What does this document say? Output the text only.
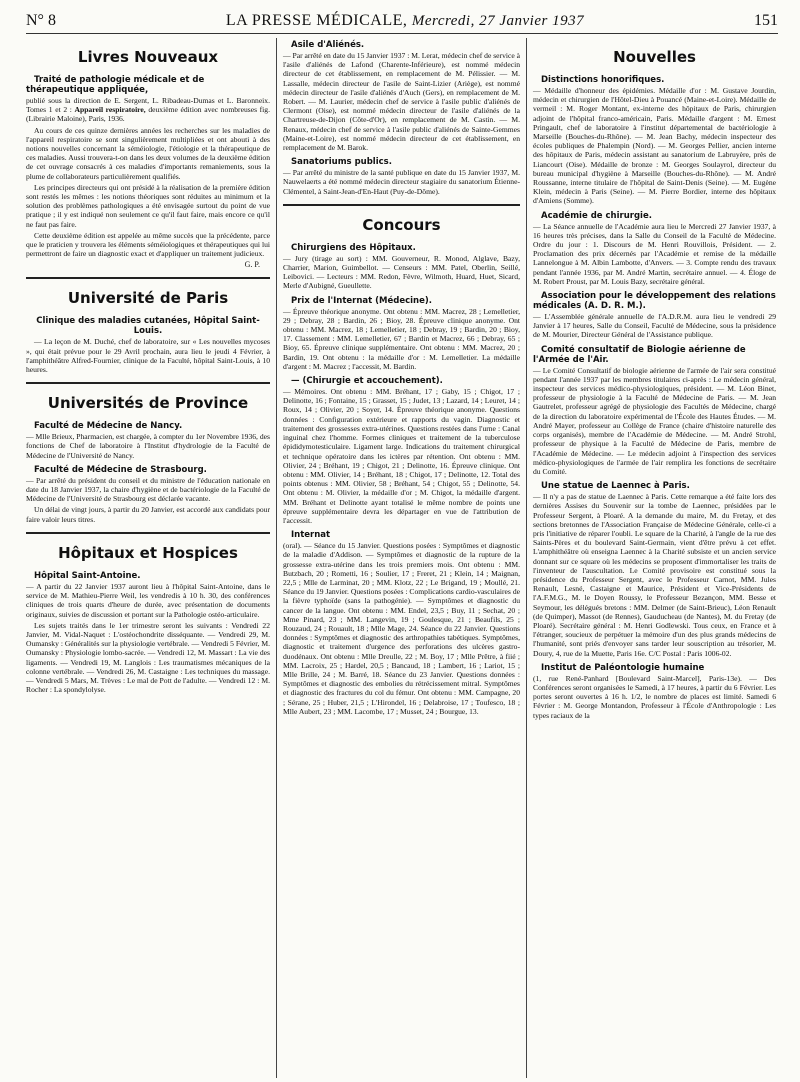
N° 8	LA PRESSE MÉDICALE, Mercredi, 27 Janvier 1937	151
Livres Nouveaux
Traité de pathologie médicale et de thérapeutique appliquée,

publié sous la direction de E. Sergent, L. Ribadeau-Dumas et L. Baronneix. Tomes 1 et 2 : Appareil respiratoire, deuxième édition avec nombreuses fig. (Librairie Maloine), Paris, 1936.

Au cours de ces quinze dernières années les recherches sur les maladies de l'appareil respiratoire se sont singulièrement multipliées et ont abouti à des notions nouvelles concernant la séméiologie, l'étiologie et la thérapeutique de ces maladies. Aussi trouvera-t-on dans les deux volumes de la deuxième édition de cet ouvrage consacrés à ces maladies d'importants remaniements, sous la plume de collaborateurs particulièrement qualifiés.

Les principes directeurs qui ont présidé à la réalisation de la première édition sont restés les mêmes : les notions théoriques sont réduites au minimum et la solution des problèmes pathologiques a été envisagée surtout du point de vue pratique ; il y est indiqué non seulement ce qu'il faut faire, mais encore ce qu'il ne faut pas faire.

Cette deuxième édition est appelée au même succès que la précédente, parce que le praticien y trouvera les éléments séméiologiques et thérapeutiques qui lui permettront de faire un diagnostic exact et d'appliquer un traitement judicieux.

G. P.
Université de Paris
Clinique des maladies cutanées, Hôpital Saint-Louis.

— La leçon de M. Duché, chef de laboratoire, sur « Les nouvelles mycoses », qui était prévue pour le 29 Avril prochain, aura lieu le jeudi 4 Février, à l'amphithéâtre Alfred-Fournier, clinique de la Faculté, hôpital Saint-Louis, à 10 heures.

Universités de Province
Faculté de Médecine de Nancy.

— Mlle Brieux, Pharmacien, est chargée, à compter du 1er Novembre 1936, des fonctions de Chef de laboratoire à l'Institut d'hydrologie de la Faculté de Médecine de l'Université de Nancy.

Faculté de Médecine de Strasbourg.

— Par arrêté du président du conseil et du ministre de l'éducation nationale en date du 18 Janvier 1937, la chaire d'hygiène et de bactériologie de la Faculté de Médecine de l'Université de Strasbourg est déclarée vacante.

Un délai de vingt jours, à partir du 20 Janvier, est accordé aux candidats pour faire valoir leurs titres.

Hôpitaux et Hospices
Hôpital Saint-Antoine.

— A partir du 22 Janvier 1937 auront lieu à l'hôpital Saint-Antoine, dans le service de M. Mathieu-Pierre Weil, les vendredis à 10 h. 30, des conférences cliniques de trois quarts d'heure de durée, avec présentation de documents originaux, suivies de discussion et portant sur la Pathologie ostéo-articulaire.

Les sujets traités dans le 1er trimestre seront les suivants : Vendredi 22 Janvier, M. Vidal-Naquet : L'ostéochondrite disséquante. — Vendredi 29, M. Oumansky : Généralités sur la physiologie vertébrale. — Vendredi 5 Février, M. Oumansky : Physiologie lombo-sacrée. — Vendredi 12, M. Massart : La vie des ligaments. — Vendredi 19, M. Langlois : Les traumatismes mécaniques de la colonne vertébrale. — Vendredi 26, M. Castaigne : Les techniques du massage. — Vendredi 5 Mars, M. Trèves : Le mal de Pott de l'adulte. — Vendredi 12 : M. Rocher : La spondylolyse.

Asile d'Aliénés.

— Par arrêté en date du 15 Janvier 1937 : M. Lerat, médecin chef de service à l'asile d'aliénés de Lafond (Charente-Inférieure), est nommé médecin directeur de cet établissement, en remplacement de M. Pélissier. — M. Lassalle, médecin directeur de l'asile de Saint-Lizier (Ariège), est nommé médecin directeur de l'asile d'aliénés d'Auch (Gers), en remplacement de M. Robert. — M. Laurier, médecin chef de service à l'asile public d'aliénés de Clermont (Oise), est nommé médecin directeur de l'asile d'aliénés de la Chartreuse-de-Dijon (Côte-d'Or), en remplacement de M. Castin. — M. Renaux, médecin chef de service à l'asile public d'aliénés de Sainte-Gemmes (Maine-et-Loire), est nommé médecin directeur de cet établissement, en remplacement de M. Barok.

Sanatoriums publics.

— Par arrêté du ministre de la santé publique en date du 15 Janvier 1937, M. Nauwelaerts a été nommé médecin directeur stagiaire du sanatorium Étienne-Clémentel, à Saint-Jean-d'En-Haut (Puy-de-Dôme).

Concours
Chirurgiens des Hôpitaux.

— Jury (tirage au sort) : MM. Gouverneur, R. Monod, Alglave, Bazy, Charrier, Marion, Guimbellot. — Censeurs : MM. Patel, Oberlin, Seillé, Leibovici. — Lecteurs : MM. Redon, Fèvre, Wilmoth, Huard, Huet, Sicard, Merle d'Aubigné, Gueullette.

Prix de l'Internat (Médecine).

— Épreuve théorique anonyme. Ont obtenu : MM. Macrez, 28 ; Lemelletier, 29 ; Debray, 28 ; Bardin, 26 ; Bioy, 28. Épreuve clinique anonyme. Ont obtenu : MM. Macrez, 18 ; Lemelletier, 18 ; Debray, 19 ; Bardin, 20 ; Bioy, 17. Classement : MM. Lemelletier, 67 ; Bardin et Macrez, 66 ; Debray, 65 ; Bioy, 65. Épreuve clinique supplémentaire. Ont obtenu : MM. Macrez, 20 ; Bardin, 19. Ont obtenu : la médaille d'or : M. Lemelletier. La médaille d'argent : M. Macrez ; l'accessit, M. Bardin.

— (Chirurgie et accouchement).

— Mémoires. Ont obtenu : MM. Bréhant, 17 ; Gaby, 15 ; Chigot, 17 ; Delinotte, 16 ; Fontaine, 15 ; Grasset, 15 ; Judet, 13 ; Lazard, 14 ; Leuret, 14 ; Roux, 14 ; Olivier, 20 ; Soyer, 14. Épreuve théorique anonyme. Questions données : Configuration extérieure et rapports du vagin. Diagnostic et traitement des grossesses extra-utérines. Questions restées dans l'urne : Canal inguinal chez l'homme. Formes cliniques et traitement de la tuberculose épididymotesticulaire. Ligament large. Indications du traitement chirurgical et technique opératoire dans les ictères par rétention. Ont obtenu : MM. Olivier, 24 ; Bréhant, 19 ; Chigot, 21 ; Delinotte, 16. Épreuve clinique. Ont obtenu : MM. Olivier, 14 ; Bréhant, 18 ; Chigot, 17 ; Delinotte, 12. Total des points obtenus : MM. Olivier, 58 ; Bréhant, 54 ; Chigot, 55 ; Delinotte, 54. Ont obtenu : M. Olivier, la médaille d'or ; M. Chigot, la médaille d'argent. MM. Bréhant et Delinotte ayant totalisé le même nombre de points une épreuve supplémentaire devra les départager en vue de l'attribution de l'accessit.

Internat

(oral). — Séance du 15 Janvier. Questions posées : Symptômes et diagnostic de la maladie d'Addison. — Symptômes et diagnostic de la rupture de la grossesse extra-utérine dans les trois premiers mois. Ont obtenu : MM. Butzbach, 20 ; Rometti, 16 ; Soulier, 17 ; Freret, 21 ; Klein, 14 ; Maignan, 22,5 ; Mlle de Larminat, 20 ; MM. Klotz, 22 ; Le Brigand, 19 ; Moullé, 21. Séance du 19 Janvier. Questions posées : Complications cardio-vasculaires de la fièvre typhoïde (sans la pathogénie). — Symptômes et diagnostic du cancer de la langue. Ont obtenu : MM. Endel, 23,5 ; Buy, 11 ; Sechat, 20 ; Mme Pinard, 23 ; MM. Langevin, 19 ; Goulesque, 21 ; Beaufils, 25 ; Rouzaud, 24 ; Rouault, 18 ; Mlle Mage, 24. Séance du 22 Janvier. Questions données : Symptômes et diagnostic des arthropathies tabétiques. Symptômes, diagnostic et traitement d'urgence des perforations des ulcères gastro-duodénaux. Ont obtenu : Mlle Dreulle, 22 ; M. Boy, 17 ; Mlle Prêtre, à fiié ; MM. Lacroix, 25 ; Hardel, 20,5 ; Bancaud, 18 ; Lambert, 16 ; Lariot, 15 ; Mlle Brille, 24 ; M. Barré, 18. Séance du 23 Janvier. Questions données : Symptômes et diagnostic des embolies du rétrécissement mitral. Symptômes et diagnostic des fractures du col du fémur. Ont obtenu : MM. Campagne, 20 ; Sérane, 25 ; Huber, 21,5 ; L'Hirondel, 16 ; Delabroise, 17 ; Toufesco, 18 ; Mlle Aubert, 23 ; MM. Lacombe, 17 ; Musset, 24 ; Bourgue, 13.

Nouvelles
Distinctions honorifiques.

— Médaille d'honneur des épidémies. Médaille d'or : M. Gustave Jourdin, médecin et chirurgien de l'Hôtel-Dieu à Pouancé (Maine-et-Loire). Médaille de vermeil : M. Roger Montant, ex-interne des hôpitaux de Paris, chirurgien adjoint de l'hôpital franco-américain, Paris. Médaille d'argent : M. Ernest Pringault, chef de laboratoire à l'institut départemental de bactériologie à Marseille (Bouches-du-Rhône). — M. Jean Bachy, médecin inspecteur des écoles publiques de Phalempin (Nord). — M. Georges Pellier, ancien interne des hôpitaux de Paris, médecin assistant au sanatorium de Labruyère, près de Liancourt (Oise). Médaille de bronze : M. Georges Soulayrol, directeur du bureau municipal d'hygiène à Marseille (Bouches-du-Rhône). — M. André Roussanne, interne titulaire de l'hôpital de Saint-Denis (Seine). — M. Eugène Klein, médecin à Paris (Seine). — M. Pierre Bordier, interne des hôpitaux d'Amiens (Somme).

Académie de chirurgie.

— La Séance annuelle de l'Académie aura lieu le Mercredi 27 Janvier 1937, à 16 heures très précises, dans la Salle du Conseil de la Faculté de Médecine. Ordre du jour : 1. Discours de M. Henri Rouvillois, Président. — 2. Proclamation des prix décernés par l'Académie et remise de la médaille Lannelongue à M. Albin Lambotte, d'Anvers. — 3. Compte rendu des travaux pendant l'année 1936, par M. André Martin, secrétaire annuel. — 4. Éloge de M. Robert Proust, par M. Louis Bazy, secrétaire général.

Association pour le développement des relations médicales (A. D. R. M.).

— L'Assemblée générale annuelle de l'A.D.R.M. aura lieu le vendredi 29 Janvier à 17 heures, Salle du Conseil, Faculté de Médecine, sous la présidence de M. Mourier, Directeur Général de l'Assistance publique.

Comité consultatif de Biologie aérienne de l'Armée de l'Air.

— Le Comité Consultatif de biologie aérienne de l'armée de l'air sera constitué pendant l'année 1937 par les membres titulaires ci-après : Le médecin général, inspecteur des services médico-physiologiques, président. — M. Léon Binet, professeur de physiologie à la Faculté de Médecine de Paris. — M. Jean Gautrelet, professeur agrégé de physiologie des Facultés de Médecine, chargé de la direction du laboratoire expérimental de l'École des Hautes Études. — M. André Mayer, professeur au Collège de France (chaire d'histoire naturelle des corps organisés), membre de l'Académie de Médecine. — M. André Strohl, professeur de physique à la Faculté de Médecine de Paris, membre de l'Académie de Médecine. — Le médecin adjoint à l'inspection des services médico-physiologiques de l'armée de l'air remplira les fonctions de secrétaire du Comité.

Une statue de Laennec à Paris.

— Il n'y a pas de statue de Laennec à Paris. Cette remarque a été faite lors des dernières Assises du Souvenir sur la tombe de Laennec, présidées par le Professeur Sergent, à Ploaré. A la demande du maire, M. du Fretay, et des sections bretonnes de l'Association Française de Médecine Générale, celle-ci a pris l'initiative de réparer l'oubli. Le square de la Charité, à l'angle de la rue des Saints-Pères et du boulevard Saint-Germain, vient d'être prévu à cet effet. L'amphithéâtre où enseigna Laennec à la Charité subsiste et un ancien service donnant sur ce square où les médecins se proposent d'immortaliser les traits de l'inventeur de l'auscultation. Le Comité provisoire est constitué sous la présidence du Professeur Sergent, avec le Professeur Carnot, MM. Jules Renault, Lesné, Castaigne et Maurice, Président et Vice-Présidents de l'A.F.M.G., M. le Doyen Roussy, le Professeur Bezançon, MM. Besse et Seymour, les délégués bretons : MM. Delmer (de Saint-Brieuc), Léon Renault (de Quimper), Massot (de Rennes), Gauducheau (de Nantes), M. du Fretay (de Ploaré). Secrétaire général : M. Henri Godlewski. Tous ceux, en France et à l'étranger, soucieux de perpétuer la mémoire d'un des plus grands médecins de l'humanité, sont priés d'envoyer sans tarder leur souscription au trésorier, M. Doury, 4, rue de la Muette, Paris 16e. C/C Postal : Paris 1006-02.

Institut de Paléontologie humaine

(1, rue René-Panhard [Boulevard Saint-Marcel], Paris-13e). — Des Conférences seront organisées le Samedi, à 17 heures, à partir du 6 Février. Les portes seront ouvertes à 16 h. 1/2, le nombre de places est limité. Samedi 6 Février : M. George Montandon, Professeur à l'École d'Anthropologie : Les types raciaux de la
